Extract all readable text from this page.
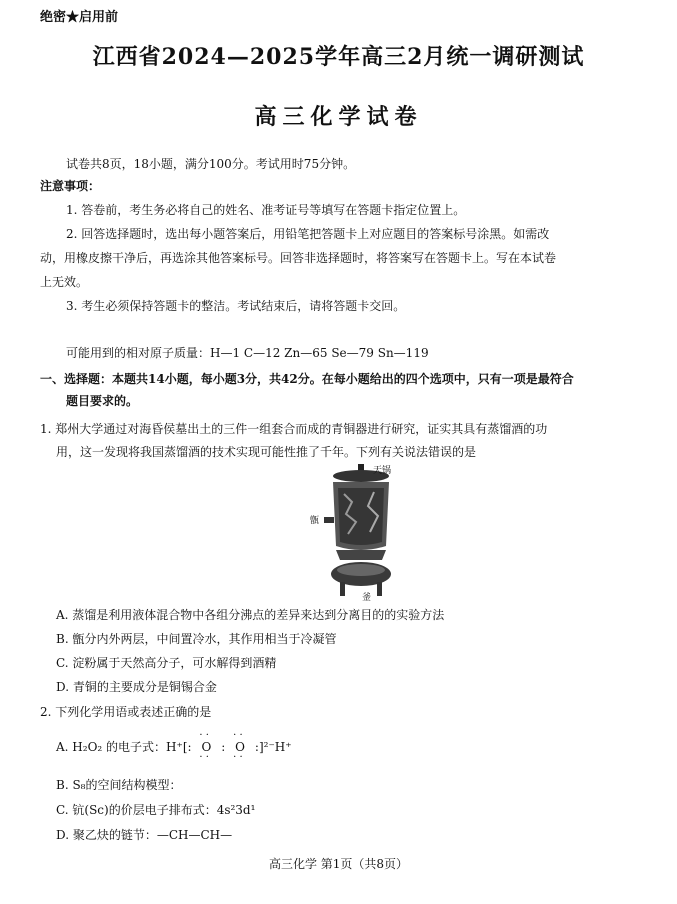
绝密★启用前
江西省2024—2025学年高三2月统一调研测试
高三化学试卷
试卷共8页，18小题，满分100分。考试用时75分钟。
注意事项：
1. 答卷前，考生务必将自己的姓名、准考证号等填写在答题卡指定位置上。
2. 回答选择题时，选出每小题答案后，用铅笔把答题卡上对应题目的答案标号涂黑。如需改
动，用橡皮擦干净后，再选涂其他答案标号。回答非选择题时，将答案写在答题卡上。写在本试卷
上无效。
3. 考生必须保持答题卡的整洁。考试结束后，请将答题卡交回。
可能用到的相对原子质量：H—1 C—12 Zn—65 Se—79 Sn—119
一、选择题：本题共14小题，每小题3分，共42分。在每小题给出的四个选项中，只有一项是最符合
题目要求的。
1. 郑州大学通过对海昏侯墓出土的三件一组套合而成的青铜器进行研究，证实其具有蒸馏酒的功
用，这一发现将我国蒸馏酒的技术实现可能性推了千年。下列有关说法错误的是
天锅
甑
釜
A. 蒸馏是利用液体混合物中各组分沸点的差异来达到分离目的的实验方法
B. 甑分内外两层，中间置冷水，其作用相当于冷凝管
C. 淀粉属于天然高分子，可水解得到酒精
D. 青铜的主要成分是铜锡合金
2. 下列化学用语或表述正确的是
A. H₂O₂ 的电子式：H⁺[:
· ·
O
· ·
:
· ·
O
· ·
:]²⁻H⁺
B. S₈的空间结构模型：
C. 钪(Sc)的价层电子排布式：4s²3d¹
D. 聚乙炔的链节：—CH—CH—
高三化学 第1页（共8页）
